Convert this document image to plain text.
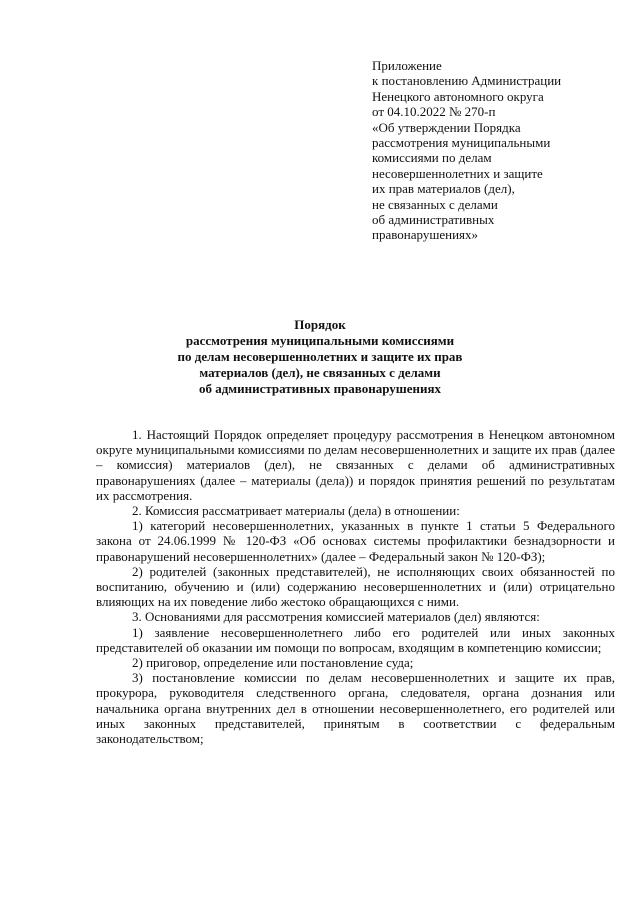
Приложение
к постановлению Администрации
Ненецкого автономного округа
от 04.10.2022 № 270-п
«Об утверждении Порядка
рассмотрения муниципальными
комиссиями по делам
несовершеннолетних и защите
их прав материалов (дел),
не связанных с делами
об административных
правонарушениях»
Порядок
рассмотрения муниципальными комиссиями
по делам несовершеннолетних и защите их прав
материалов (дел), не связанных с делами
об административных правонарушениях

1. Настоящий Порядок определяет процедуру рассмотрения в Ненецком автономном округе муниципальными комиссиями по делам несовершеннолетних и защите их прав (далее – комиссия) материалов (дел), не связанных с делами об административных правонарушениях (далее – материалы (дела)) и порядок принятия решений по результатам их рассмотрения.

2. Комиссия рассматривает материалы (дела) в отношении:

1) категорий несовершеннолетних, указанных в пункте 1 статьи 5 Федерального закона от 24.06.1999 № 120-ФЗ «Об основах системы профилактики безнадзорности и правонарушений несовершеннолетних» (далее – Федеральный закон № 120-ФЗ);

2) родителей (законных представителей), не исполняющих своих обязанностей по воспитанию, обучению и (или) содержанию несовершеннолетних и (или) отрицательно влияющих на их поведение либо жестоко обращающихся с ними.

3. Основаниями для рассмотрения комиссией материалов (дел) являются:

1) заявление несовершеннолетнего либо его родителей или иных законных представителей об оказании им помощи по вопросам, входящим в компетенцию комиссии;

2) приговор, определение или постановление суда;

3) постановление комиссии по делам несовершеннолетних и защите их прав, прокурора, руководителя следственного органа, следователя, органа дознания или начальника органа внутренних дел в отношении несовершеннолетнего, его родителей или иных законных представителей, принятым в соответствии с федеральным законодательством;
